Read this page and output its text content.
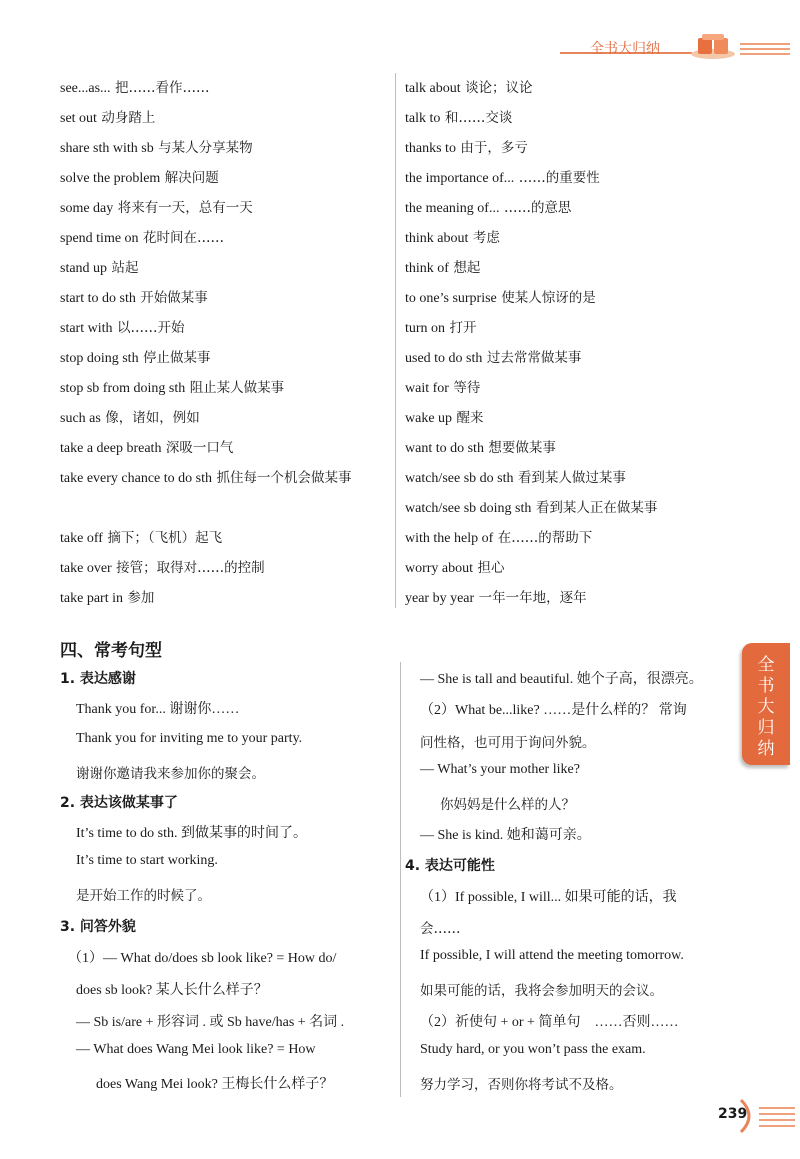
全书大归纳
see...as... 把……看作……
set out 动身踏上
share sth with sb 与某人分享某物
solve the problem 解决问题
some day 将来有一天，总有一天
spend time on 花时间在……
stand up 站起
start to do sth 开始做某事
start with 以……开始
stop doing sth 停止做某事
stop sb from doing sth 阻止某人做某事
such as 像，诸如，例如
take a deep breath 深吸一口气
take every chance to do sth 抓住每一个机会做某事
take off 摘下；（飞机）起飞
take over 接管；取得对……的控制
take part in 参加
talk about 谈论；议论
talk to 和……交谈
thanks to 由于，多亏
the importance of... ……的重要性
the meaning of... ……的意思
think about 考虑
think of 想起
to one’s surprise 使某人惊讶的是
turn on 打开
used to do sth 过去常常做某事
wait for 等待
wake up 醒来
want to do sth 想要做某事
watch/see sb do sth 看到某人做过某事
watch/see sb doing sth 看到某人正在做某事
with the help of 在……的帮助下
worry about 担心
year by year 一年一年地，逐年
四、常考句型
1. 表达感谢
Thank you for... 谢谢你……
Thank you for inviting me to your party.
谢谢你邀请我来参加你的聚会。
2. 表达该做某事了
It’s time to do sth. 到做某事的时间了。
It’s time to start working.
是开始工作的时候了。
3. 问答外貌
（1）— What do/does sb look like? = How do/
does sb look? 某人长什么样子？
— Sb is/are + 形容词 . 或 Sb have/has + 名词 .
— What does Wang Mei look like? = How
does Wang Mei look? 王梅长什么样子？
— She is tall and beautiful. 她个子高，很漂亮。
（2）What be...like? ……是什么样的？ 常询
问性格，也可用于询问外貌。
— What’s your mother like?
你妈妈是什么样的人？
— She is kind. 她和蔼可亲。
4. 表达可能性
（1）If possible, I will... 如果可能的话，我
会……
If possible, I will attend the meeting tomorrow.
如果可能的话，我将会参加明天的会议。
（2）祈使句 + or + 简单句　……否则……
Study hard, or you won’t pass the exam.
努力学习，否则你将考试不及格。
全书大归纳
239
